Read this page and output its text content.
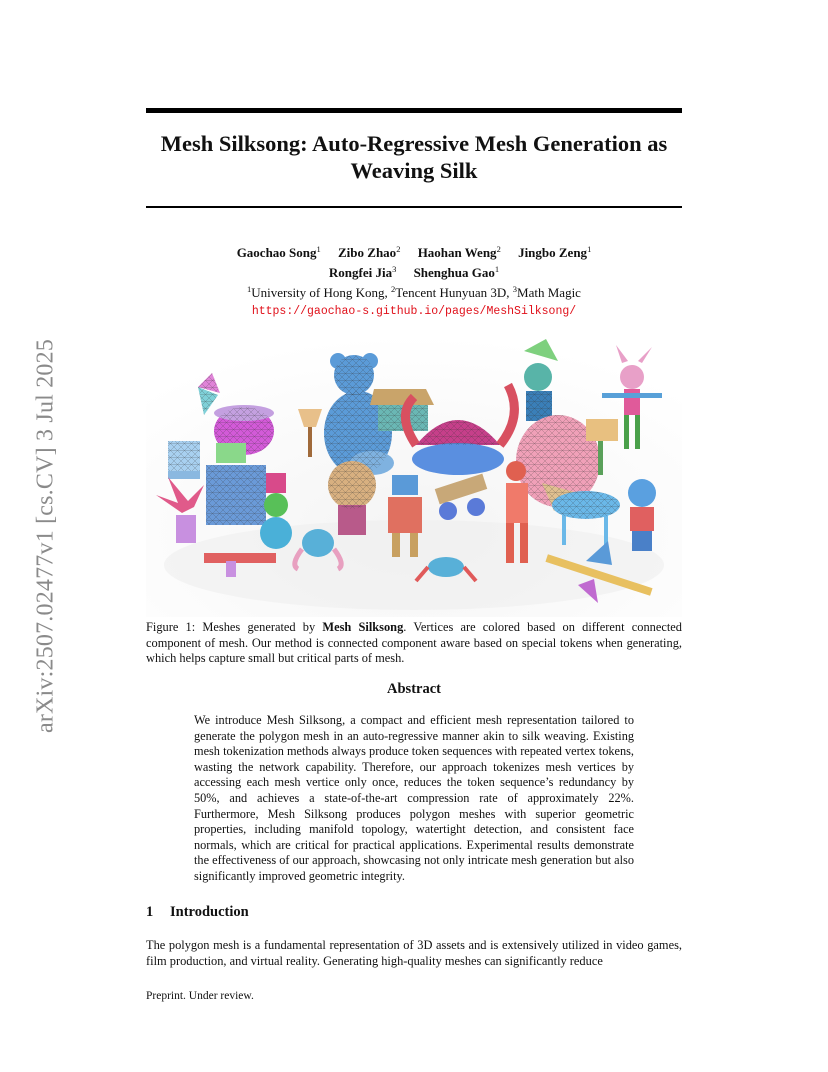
arXiv:2507.02477v1 [cs.CV] 3 Jul 2025
Mesh Silksong: Auto-Regressive Mesh Generation as
Weaving Silk
Gaochao Song$^1$ Zibo Zhao$^2$ Haohan Weng$^2$ Jingbo Zeng$^1$
Rongfei Jia$^3$ Shenghua Gao$^1$
$^1$University of Hong Kong, $^2$Tencent Hunyuan 3D, $^3$Math Magic
https://gaochao-s.github.io/pages/MeshSilksong/
Figure 1: Meshes generated by Mesh Silksong. Vertices are colored based on different connected component of mesh. Our method is connected component aware based on special tokens when generating, which helps capture small but critical parts of mesh.
Abstract
We introduce Mesh Silksong, a compact and efficient mesh representation tailored to generate the polygon mesh in an auto-regressive manner akin to silk weaving. Existing mesh tokenization methods always produce token sequences with repeated vertex tokens, wasting the network capability. Therefore, our approach tokenizes mesh vertices by accessing each mesh vertice only once, reduces the token sequence’s redundancy by 50%, and achieves a state-of-the-art compression rate of approximately 22%. Furthermore, Mesh Silksong produces polygon meshes with superior geometric properties, including manifold topology, watertight detection, and consistent face normals, which are critical for practical applications. Experimental results demonstrate the effectiveness of our approach, showcasing not only intricate mesh generation but also significantly improved geometric integrity.
1 Introduction
The polygon mesh is a fundamental representation of 3D assets and is extensively utilized in video games, film production, and virtual reality. Generating high-quality meshes can significantly reduce
Preprint. Under review.
